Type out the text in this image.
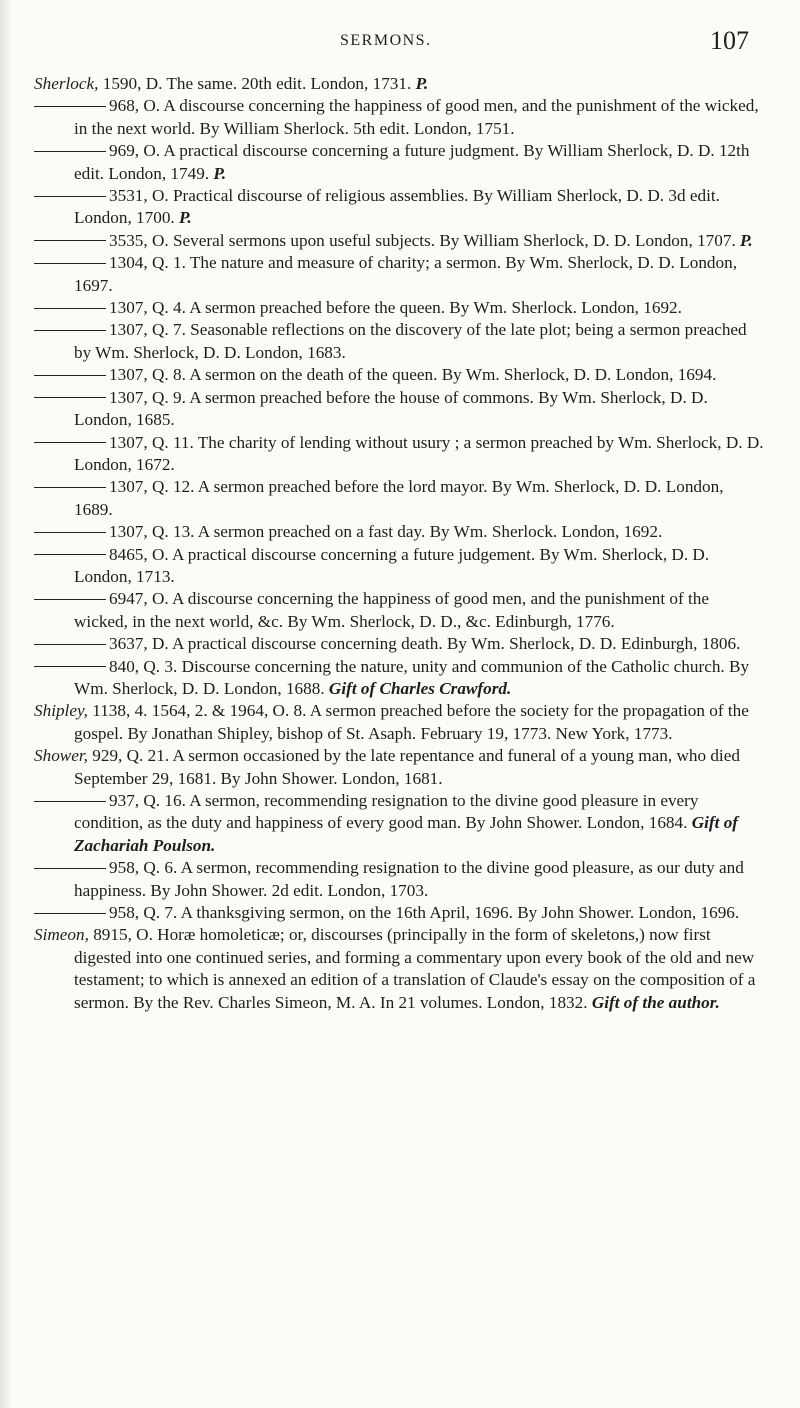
SERMONS.	107

Sherlock, 1590, D. The same. 20th edit. London, 1731. P.

968, O. A discourse concerning the happiness of good men, and the punishment of the wicked, in the next world. By William Sherlock. 5th edit. London, 1751.

969, O. A practical discourse concerning a future judgment. By William Sherlock, D. D. 12th edit. London, 1749. P.

3531, O. Practical discourse of religious assemblies. By William Sherlock, D. D. 3d edit. London, 1700. P.

3535, O. Several sermons upon useful subjects. By William Sherlock, D. D. London, 1707. P.

1304, Q. 1. The nature and measure of charity; a sermon. By Wm. Sherlock, D. D. London, 1697.

1307, Q. 4. A sermon preached before the queen. By Wm. Sherlock. London, 1692.

1307, Q. 7. Seasonable reflections on the discovery of the late plot; being a sermon preached by Wm. Sherlock, D. D. London, 1683.

1307, Q. 8. A sermon on the death of the queen. By Wm. Sherlock, D. D. London, 1694.

1307, Q. 9. A sermon preached before the house of commons. By Wm. Sherlock, D. D. London, 1685.

1307, Q. 11. The charity of lending without usury ; a sermon preached by Wm. Sherlock, D. D. London, 1672.

1307, Q. 12. A sermon preached before the lord mayor. By Wm. Sherlock, D. D. London, 1689.

1307, Q. 13. A sermon preached on a fast day. By Wm. Sherlock. London, 1692.

8465, O. A practical discourse concerning a future judgement. By Wm. Sherlock, D. D. London, 1713.

6947, O. A discourse concerning the happiness of good men, and the punishment of the wicked, in the next world, &c. By Wm. Sherlock, D. D., &c. Edinburgh, 1776.

3637, D. A practical discourse concerning death. By Wm. Sherlock, D. D. Edinburgh, 1806.

840, Q. 3. Discourse concerning the nature, unity and communion of the Catholic church. By Wm. Sherlock, D. D. London, 1688. Gift of Charles Crawford.

Shipley, 1138, 4. 1564, 2. & 1964, O. 8. A sermon preached before the society for the propagation of the gospel. By Jonathan Shipley, bishop of St. Asaph. February 19, 1773. New York, 1773.

Shower, 929, Q. 21. A sermon occasioned by the late repentance and funeral of a young man, who died September 29, 1681. By John Shower. London, 1681.

937, Q. 16. A sermon, recommending resignation to the divine good pleasure in every condition, as the duty and happiness of every good man. By John Shower. London, 1684. Gift of Zachariah Poulson.

958, Q. 6. A sermon, recommending resignation to the divine good pleasure, as our duty and happiness. By John Shower. 2d edit. London, 1703.

958, Q. 7. A thanksgiving sermon, on the 16th April, 1696. By John Shower. London, 1696.

Simeon, 8915, O. Horæ homoleticæ; or, discourses (principally in the form of skeletons,) now first digested into one continued series, and forming a commentary upon every book of the old and new testament; to which is annexed an edition of a translation of Claude's essay on the composition of a sermon. By the Rev. Charles Simeon, M. A. In 21 volumes. London, 1832. Gift of the author.
